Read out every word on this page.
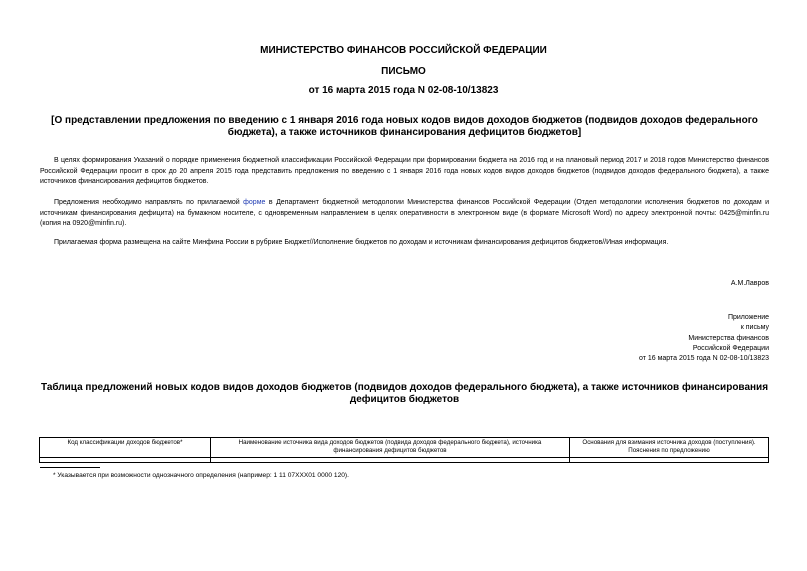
МИНИСТЕРСТВО ФИНАНСОВ РОССИЙСКОЙ ФЕДЕРАЦИИ
ПИСЬМО
от 16 марта 2015 года N 02-08-10/13823
[О представлении предложения по введению с 1 января 2016 года новых кодов видов доходов бюджетов (подвидов доходов федерального бюджета), а также источников финансирования дефицитов бюджетов]

В целях формирования Указаний о порядке применения бюджетной классификации Российской Федерации при формировании бюджета на 2016 год и на плановый период 2017 и 2018 годов Министерство финансов Российской Федерации просит в срок до 20 апреля 2015 года представить предложения по введению с 1 января 2016 года новых кодов видов доходов бюджетов (подвидов доходов федерального бюджета), а также источников финансирования дефицитов бюджетов.

Предложения необходимо направлять по прилагаемой форме в Департамент бюджетной методологии Министерства финансов Российской Федерации (Отдел методологии исполнения бюджетов по доходам и источникам финансирования дефицита) на бумажном носителе, с одновременным направлением в целях оперативности в электронном виде (в формате Microsoft Word) по адресу электронной почты: 0425@minfin.ru (копия на 0920@minfin.ru).

Прилагаемая форма размещена на сайте Минфина России в рубрике Бюджет//Исполнение бюджетов по доходам и источникам финансирования дефицитов бюджетов//Иная информация.

А.М.Лавров
Приложение
к письму
Министерства финансов
Российской Федерации
от 16 марта 2015 года N 02-08-10/13823
Таблица предложений новых кодов видов доходов бюджетов (подвидов доходов федерального бюджета), а также источников финансирования дефицитов бюджетов
Код классификации доходов бюджетов*	Наименование источника вида доходов бюджетов (подвида доходов федерального бюджета), источника финансирования дефицитов бюджетов	Основания для взимания источника доходов (поступления). Пояснения по предложению

* Указывается при возможности однозначного определения (например: 1 11 07XXX01 0000 120).
